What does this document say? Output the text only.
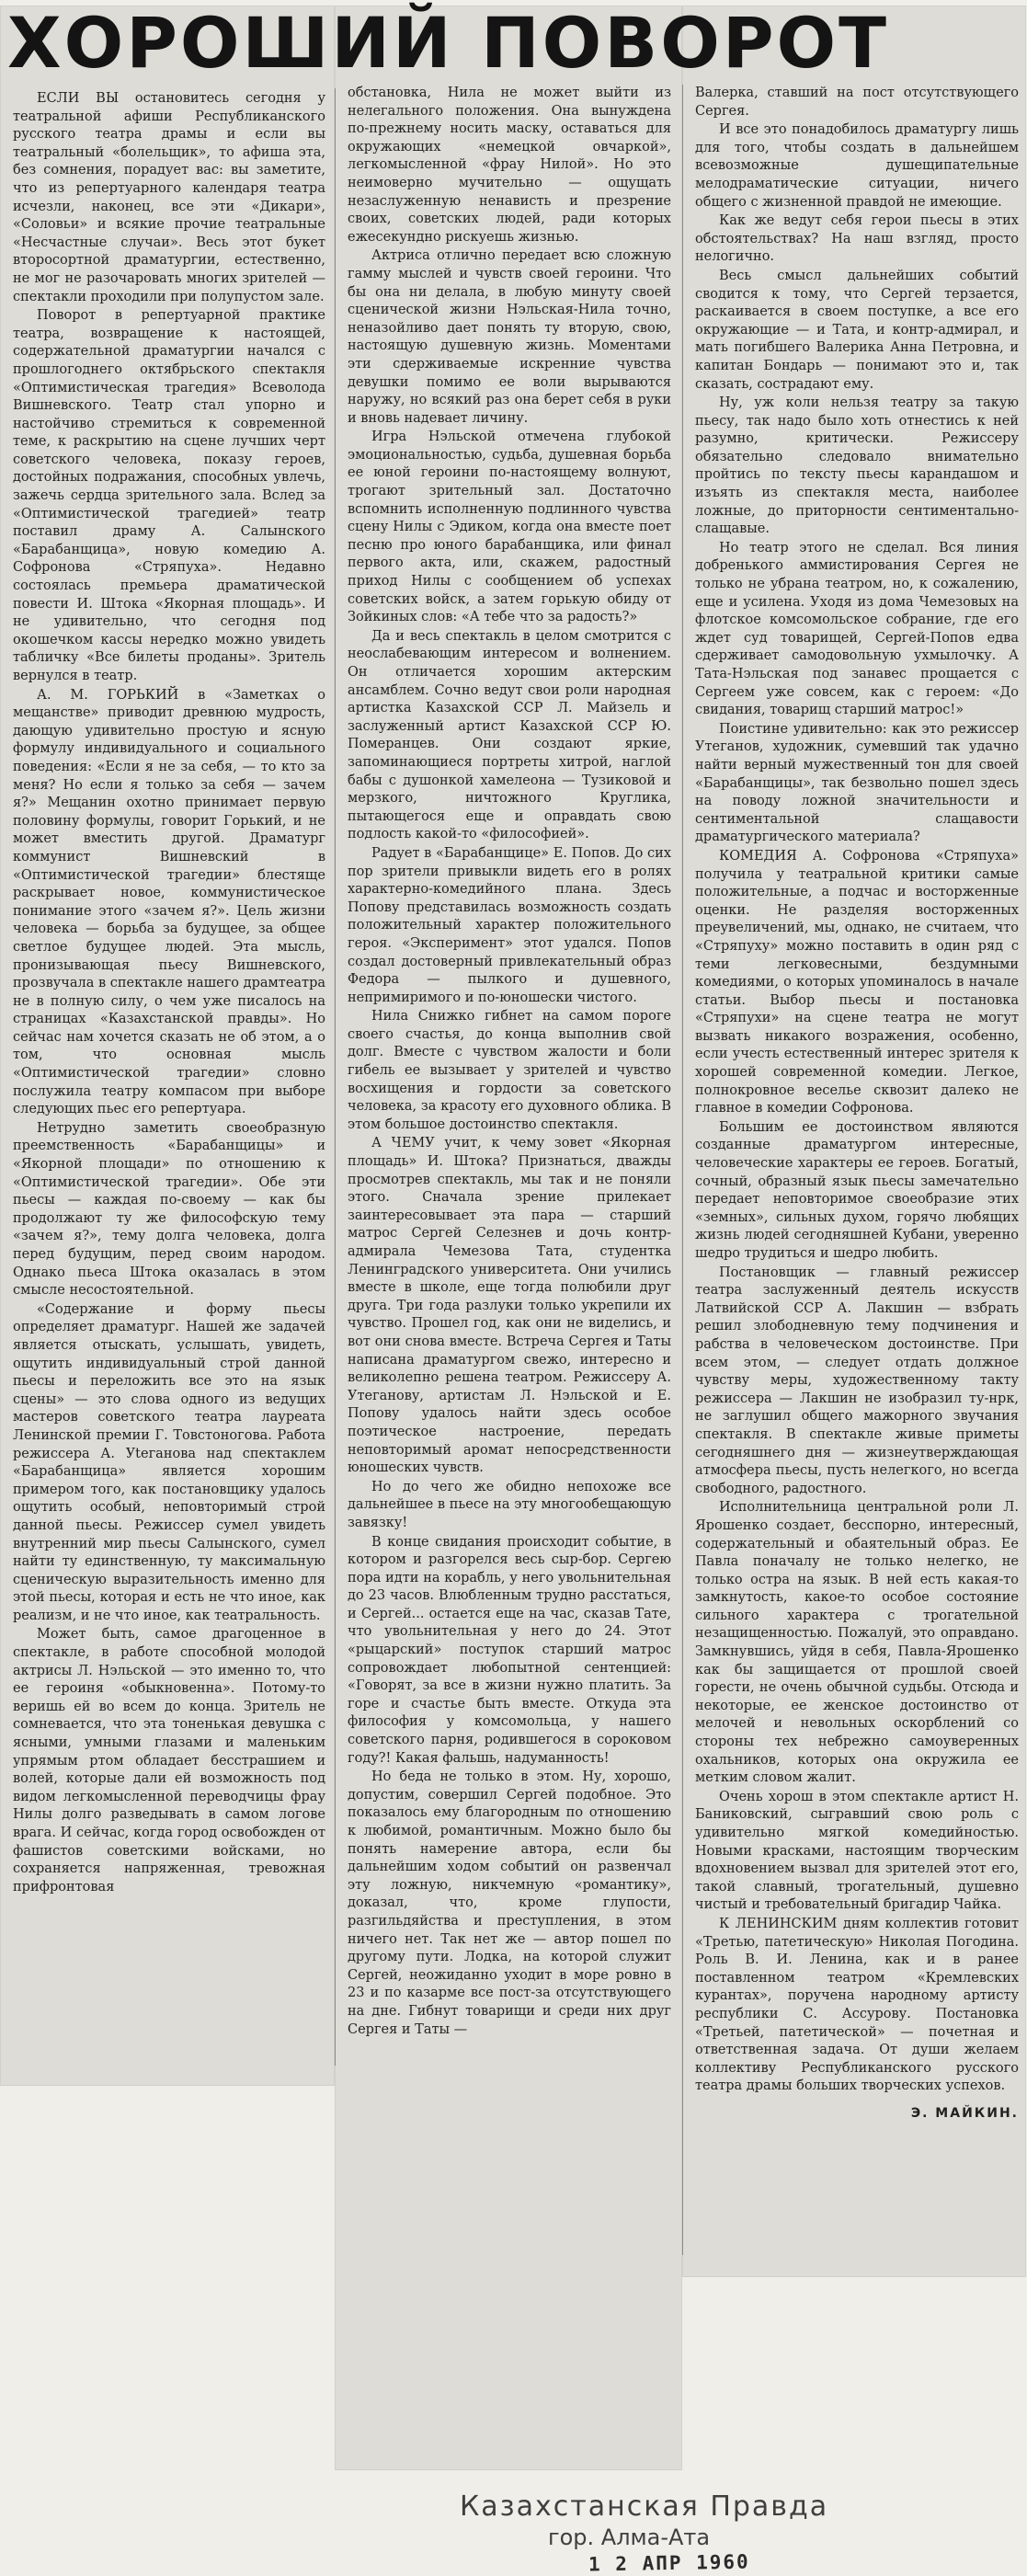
ХОРОШИЙ ПОВОРОТ

ЕСЛИ ВЫ остановитесь сегодня у театральной афиши Республиканского русского театра драмы и если вы театральный «болельщик», то афиша эта, без сомнения, порадует вас: вы заметите, что из репертуарного календаря театра исчезли, наконец, все эти «Дикари», «Соловьи» и всякие прочие театральные «Несчастные случаи». Весь этот букет второсортной драматургии, естественно, не мог не разочаровать многих зрителей — спектакли проходили при полупустом зале.

Поворот в репертуарной практике театра, возвращение к настоящей, содержательной драматургии начался с прошлогоднего октябрьского спектакля «Оптимистическая трагедия» Всеволода Вишневского. Театр стал упорно и настойчиво стремиться к современной теме, к раскрытию на сцене лучших черт советского человека, показу героев, достойных подражания, способных увлечь, зажечь сердца зрительного зала. Вслед за «Оптимистической трагедией» театр поставил драму А. Салынского «Барабанщица», новую комедию А. Софронова «Стряпуха». Недавно состоялась премьера драматической повести И. Штока «Якорная площадь». И не удивительно, что сегодня под окошечком кассы нередко можно увидеть табличку «Все билеты проданы». Зритель вернулся в театр.

А. М. ГОРЬКИЙ в «Заметках о мещанстве» приводит древнюю мудрость, дающую удивительно простую и ясную формулу индивидуального и социального поведения: «Если я не за себя, — то кто за меня? Но если я только за себя — зачем я?» Мещанин охотно принимает первую половину формулы, говорит Горький, и не может вместить другой. Драматург коммунист Вишневский в «Оптимистической трагедии» блестяще раскрывает новое, коммунистическое понимание этого «зачем я?». Цель жизни человека — борьба за будущее, за общее светлое будущее людей. Эта мысль, пронизывающая пьесу Вишневского, прозвучала в спектакле нашего драмтеатра не в полную силу, о чем уже писалось на страницах «Казахстанской правды». Но сейчас нам хочется сказать не об этом, а о том, что основная мысль «Оптимистической трагедии» словно послужила театру компасом при выборе следующих пьес его репертуара.

Нетрудно заметить своеобразную преемственность «Барабанщицы» и «Якорной площади» по отношению к «Оптимистической трагедии». Обе эти пьесы — каждая по-своему — как бы продолжают ту же философскую тему «зачем я?», тему долга человека, долга перед будущим, перед своим народом. Однако пьеса Штока оказалась в этом смысле несостоятельной.

«Содержание и форму пьесы определяет драматург. Нашей же задачей является отыскать, услышать, увидеть, ощутить индивидуальный строй данной пьесы и переложить все это на язык сцены» — это слова одного из ведущих мастеров советского театра лауреата Ленинской премии Г. Товстоногова. Работа режиссера А. Уteганова над спектаклем «Барабанщица» является хорошим примером того, как постановщику удалось ощутить особый, неповторимый строй данной пьесы. Режиссер сумел увидеть внутренний мир пьесы Салынского, сумел найти ту единственную, ту максимальную сценическую выразительность именно для этой пьесы, которая и есть не что иное, как реализм, и не что иное, как театральность.

Может быть, самое драгоценное в спектакле, в работе способной молодой актрисы Л. Нэльской — это именно то, что ее героиня «обыкновенна». Потому-то веришь ей во всем до конца. Зритель не сомневается, что эта тоненькая девушка с ясными, умными глазами и маленьким упрямым ртом обладает бесстрашием и волей, которые дали ей возможность под видом легкомысленной переводчицы фрау Нилы долго разведывать в самом логове врага. И сейчас, когда город освобожден от фашистов советскими войсками, но сохраняется напряженная, тревожная прифронтовая

обстановка, Нила не может выйти из нелегального положения. Она вынуждена по-прежнему носить маску, оставаться для окружающих «немецкой овчаркой», легкомысленной «фрау Нилой». Но это неимоверно мучительно — ощущать незаслуженную ненависть и презрение своих, советских людей, ради которых ежесекундно рискуешь жизнью.

Актриса отлично передает всю сложную гамму мыслей и чувств своей героини. Что бы она ни делала, в любую минуту своей сценической жизни Нэльская-Нила точно, неназойливо дает понять ту вторую, свою, настоящую душевную жизнь. Моментами эти сдерживаемые искренние чувства девушки помимо ее воли вырываются наружу, но всякий раз она берет себя в руки и вновь надевает личину.

Игра Нэльской отмечена глубокой эмоциональностью, судьба, душевная борьба ее юной героини по-настоящему волнуют, трогают зрительный зал. Достаточно вспомнить исполненную подлинного чувства сцену Нилы с Эдиком, когда она вместе поет песню про юного барабанщика, или финал первого акта, или, скажем, радостный приход Нилы с сообщением об успехах советских войск, а затем горькую обиду от Зойкиных слов: «А тебе что за радость?»

Да и весь спектакль в целом смотрится с неослабевающим интересом и волнением. Он отличается хорошим актерским ансамблем. Сочно ведут свои роли народная артистка Казахской ССР Л. Майзель и заслуженный артист Казахской ССР Ю. Померанцев. Они создают яркие, запоминающиеся портреты хитрой, наглой бабы с душонкой хамелеона — Тузиковой и мерзкого, ничтожного Круглика, пытающегося еще и оправдать свою подлость какой-то «философией».

Радует в «Барабанщице» Е. Попов. До сих пор зрители привыкли видеть его в ролях характерно-комедийного плана. Здесь Попову представилась возможность создать положительный характер положительного героя. «Эксперимент» этот удался. Попов создал достоверный привлекательный образ Федора — пылкого и душевного, непримиримого и по-юношески чистого.

Нила Снижко гибнет на самом пороге своего счастья, до конца выполнив свой долг. Вместе с чувством жалости и боли гибель ее вызывает у зрителей и чувство восхищения и гордости за советского человека, за красоту его духовного облика. В этом большое достоинство спектакля.

А ЧЕМУ учит, к чему зовет «Якорная площадь» И. Штока? Признаться, дважды просмотрев спектакль, мы так и не поняли этого. Сначала зрение прилекает заинтересовывает эта пара — старший матрос Сергей Селезнев и дочь контр-адмирала Чемезова Тата, студентка Ленинградского университета. Они учились вместе в школе, еще тогда полюбили друг друга. Три года разлуки только укрепили их чувство. Прошел год, как они не виделись, и вот они снова вместе. Встреча Сергея и Таты написана драматургом свежо, интересно и великолепно решена театром. Режиссеру А. Утеганову, артистам Л. Нэльской и Е. Попову удалось найти здесь особое поэтическое настроение, передать неповторимый аромат непосредственности юношеских чувств.

Но до чего же обидно непохоже все дальнейшее в пьесе на эту многообещающую завязку!

В конце свидания происходит событие, в котором и разгорелся весь сыр-бор. Сергею пора идти на корабль, у него увольнительная до 23 часов. Влюбленным трудно расстаться, и Сергей... остается еще на час, сказав Тате, что увольнительная у него до 24. Этот «рыцарский» поступок старший матрос сопровождает любопытной сентенцией: «Говорят, за все в жизни нужно платить. За горе и счастье быть вместе. Откуда эта философия у комсомольца, у нашего советского парня, родившегося в сороковом году?! Какая фальшь, надуманность!

Но беда не только в этом. Ну, хорошо, допустим, совершил Сергей подобное. Это показалось ему благородным по отношению к любимой, романтичным. Можно было бы понять намерение автора, если бы дальнейшим ходом событий он развенчал эту ложную, никчемную «романтику», доказал, что, кроме глупости, разгильдяйства и преступления, в этом ничего нет. Так нет же — автор пошел по другому пути. Лодка, на которой служит Сергей, неожиданно уходит в море ровно в 23 и по казарме все пост-за отсутствующего на дне. Гибнут товарищи и среди них друг Сергея и Таты —

Валерка, ставший на пост отсутствующего Сергея.

И все это понадобилось драматургу лишь для того, чтобы создать в дальнейшем всевозможные душещипательные мелодраматические ситуации, ничего общего с жизненной правдой не имеющие.

Как же ведут себя герои пьесы в этих обстоятельствах? На наш взгляд, просто нелогично.

Весь смысл дальнейших событий сводится к тому, что Сергей терзается, раскаивается в своем поступке, а все его окружающие — и Тата, и контр-адмирал, и мать погибшего Валерика Анна Петровна, и капитан Бондарь — понимают это и, так сказать, сострадают ему.

Ну, уж коли нельзя театру за такую пьесу, так надо было хоть отнестись к ней разумно, критически. Режиссеру обязательно следовало внимательно пройтись по тексту пьесы карандашом и изъять из спектакля места, наиболее ложные, до приторности сентиментально-слащавые.

Но театр этого не сделал. Вся линия добренького аммистирования Сергея не только не убрана театром, но, к сожалению, еще и усилена. Уходя из дома Чемезовых на флотское комсомольское собрание, где его ждет суд товарищей, Сергей-Попов едва сдерживает самодовольную ухмылочку. А Тата-Нэльская под занавес прощается с Сергеем уже совсем, как с героем: «До свидания, товарищ старший матрос!»

Поистине удивительно: как это режиссер Утеганов, художник, сумевший так удачно найти верный мужественный тон для своей «Барабанщицы», так безвольно пошел здесь на поводу ложной значительности и сентиментальной слащавости драматургического материала?

КОМЕДИЯ А. Софронова «Стряпуха» получила у театральной критики самые положительные, а подчас и восторженные оценки. Не разделяя восторженных преувеличений, мы, однако, не считаем, что «Стряпуху» можно поставить в один ряд с теми легковесными, бездумными комедиями, о которых упоминалось в начале статьи. Выбор пьесы и постановка «Стряпухи» на сцене театра не могут вызвать никакого возражения, особенно, если учесть естественный интерес зрителя к хорошей современной комедии. Легкое, полнокровное веселье сквозит далеко не главное в комедии Софронова.

Большим ее достоинством являются созданные драматургом интересные, человеческие характеры ее героев. Богатый, сочный, образный язык пьесы замечательно передает неповторимое своеобразие этих «земных», сильных духом, горячо любящих жизнь людей сегодняшней Кубани, уверенно шедро трудиться и шедро любить.

Постановщик — главный режиссер театра заслуженный деятель искусств Латвийской ССР А. Лакшин — взбрать решил злободневную тему подчинения и рабства в человеческом достоинстве. При всем этом, — следует отдать должное чувству меры, художественному такту режиссера — Лакшин не изобразил ту-нрк, не заглушил общего мажорного звучания спектакля. В спектакле живые приметы сегодняшнего дня — жизнеутверждающая атмосфера пьесы, пусть нелегкого, но всегда свободного, радостного.

Исполнительница центральной роли Л. Ярошенко создает, бесспорно, интересный, содержательный и обаятельный образ. Ее Павла поначалу не только нелегко, не только остра на язык. В ней есть какая-то замкнутость, какое-то особое состояние сильного характера с трогательной незащищенностью. Пожалуй, это оправдано. Замкнувшись, уйдя в себя, Павла-Ярошенко как бы защищается от прошлой своей горести, не очень обычной судьбы. Отсюда и некоторые, ее женское достоинство от мелочей и невольных оскорблений со стороны тех небрежно самоуверенных охальников, которых она окружила ее метким словом жалит.

Очень хорош в этом спектакле артист Н. Баниковский, сыгравший свою роль с удивительно мягкой комедийностью. Новыми красками, настоящим творческим вдохновением вызвал для зрителей этот его, такой славный, трогательный, душевно чистый и требовательный бригадир Чайка.

К ЛЕНИНСКИМ дням коллектив готовит «Третью, патетическую» Николая Погодина. Роль В. И. Ленина, как и в ранее поставленном театром «Кремлевских курантах», поручена народному артисту республики С. Ассурову. Постановка «Третьей, патетической» — почетная и ответственная задача. От души желаем коллективу Республиканского русского театра драмы больших творческих успехов.

Э. МАЙКИН.
Казахстанская Правда
гор. Алма-Ата
1 2 АПР 1960
